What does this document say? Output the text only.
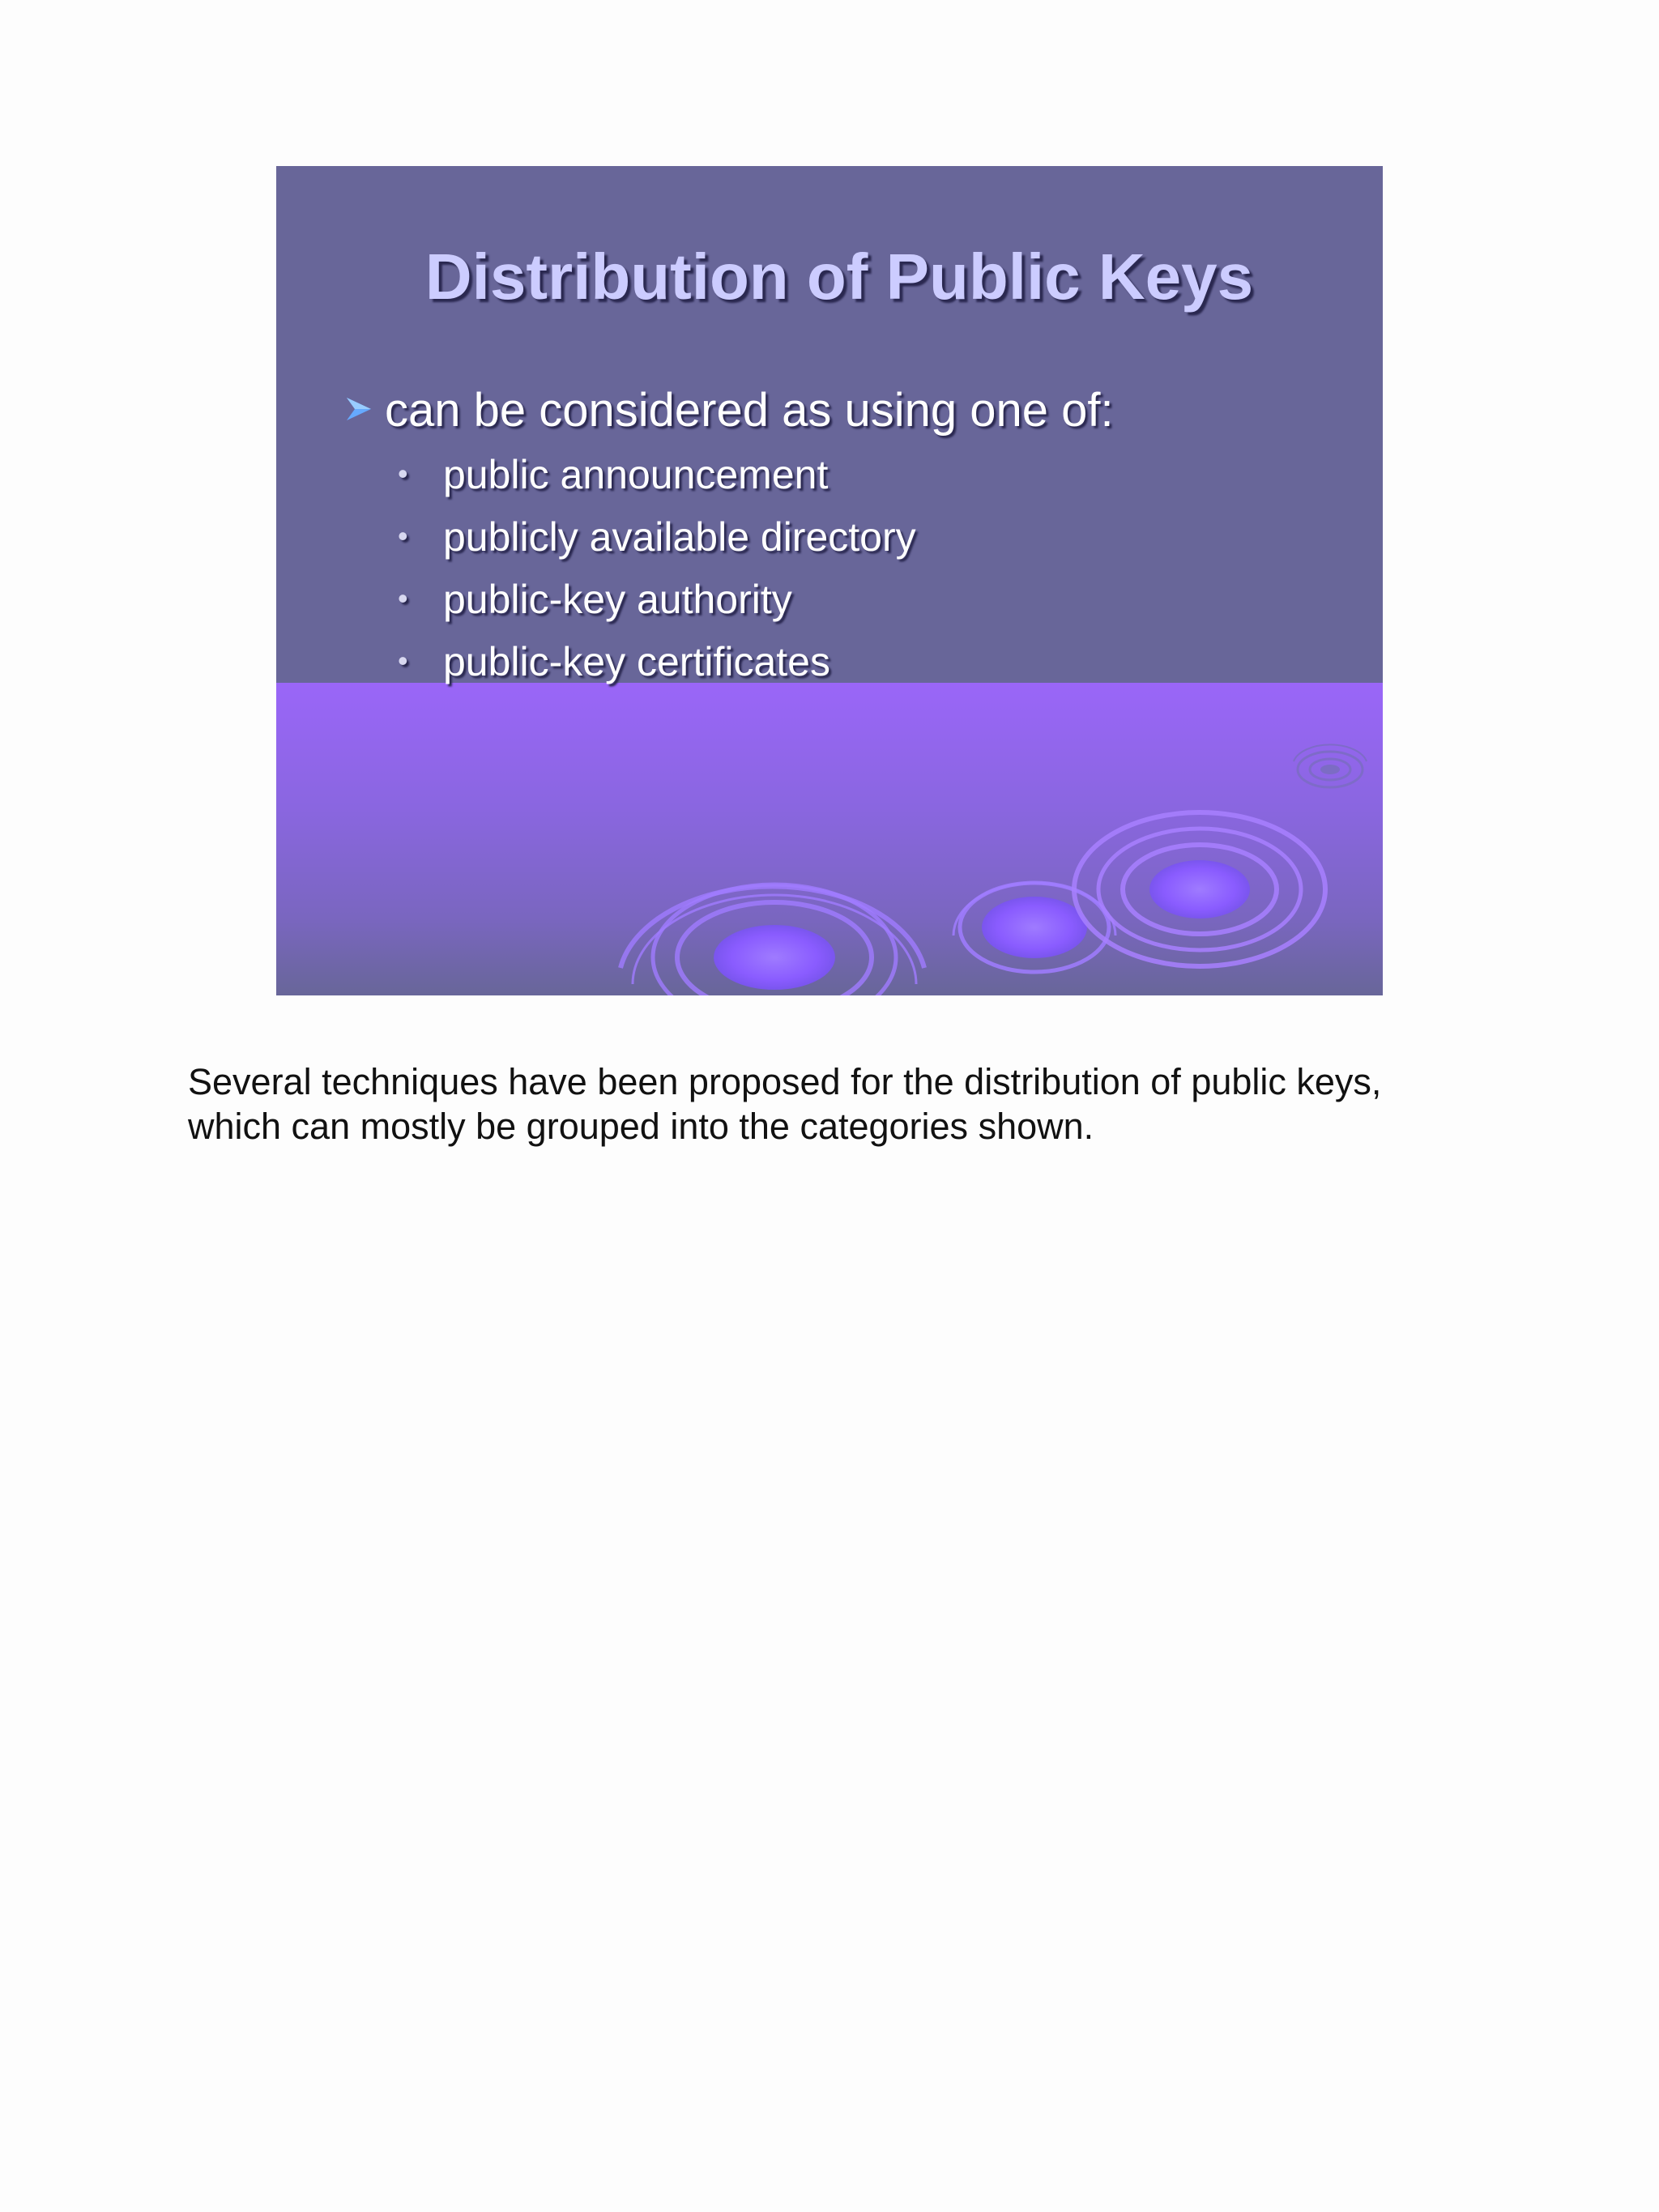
Distribution of Public Keys
can be considered as using one of:
• public announcement
• publicly available directory
• public-key authority
• public-key certificates
Several techniques have been proposed for the distribution of public keys,
which can mostly be grouped into the categories shown.
